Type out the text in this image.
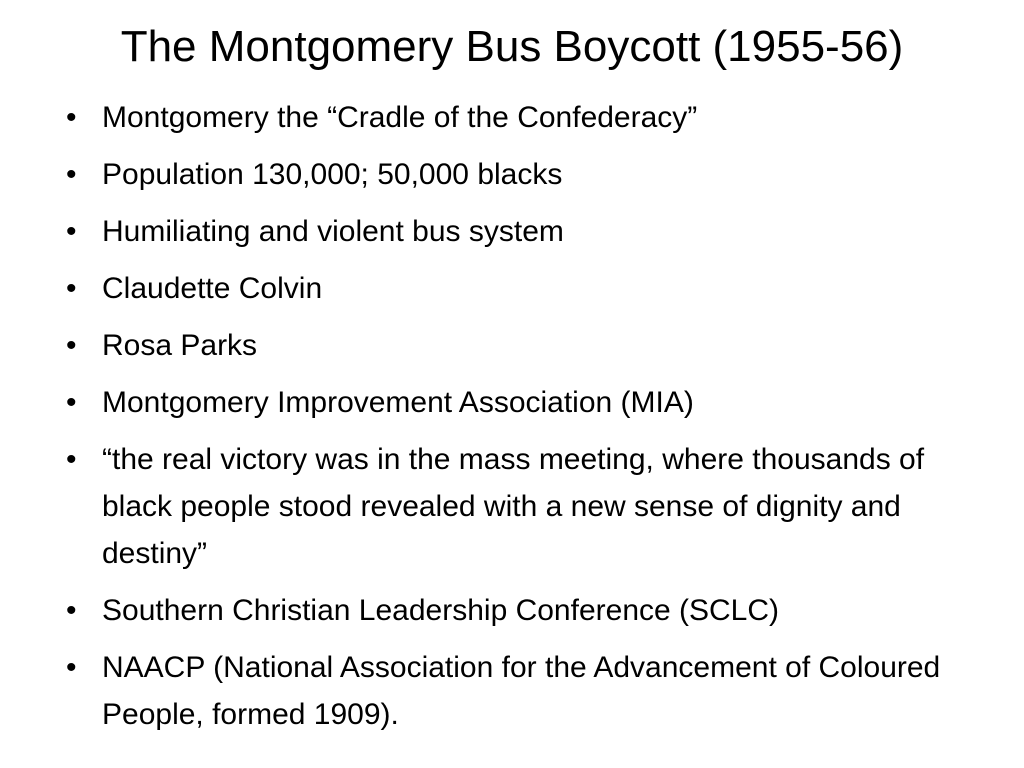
The Montgomery Bus Boycott (1955-56)
• Montgomery the “Cradle of the Confederacy”
• Population 130,000; 50,000 blacks
• Humiliating and violent bus system
• Claudette Colvin
• Rosa Parks
• Montgomery Improvement Association (MIA)
• “the real victory was in the mass meeting, where thousands of black people stood revealed with a new sense of dignity and destiny”
• Southern Christian Leadership Conference (SCLC)
• NAACP (National Association for the Advancement of Coloured People, formed 1909).
